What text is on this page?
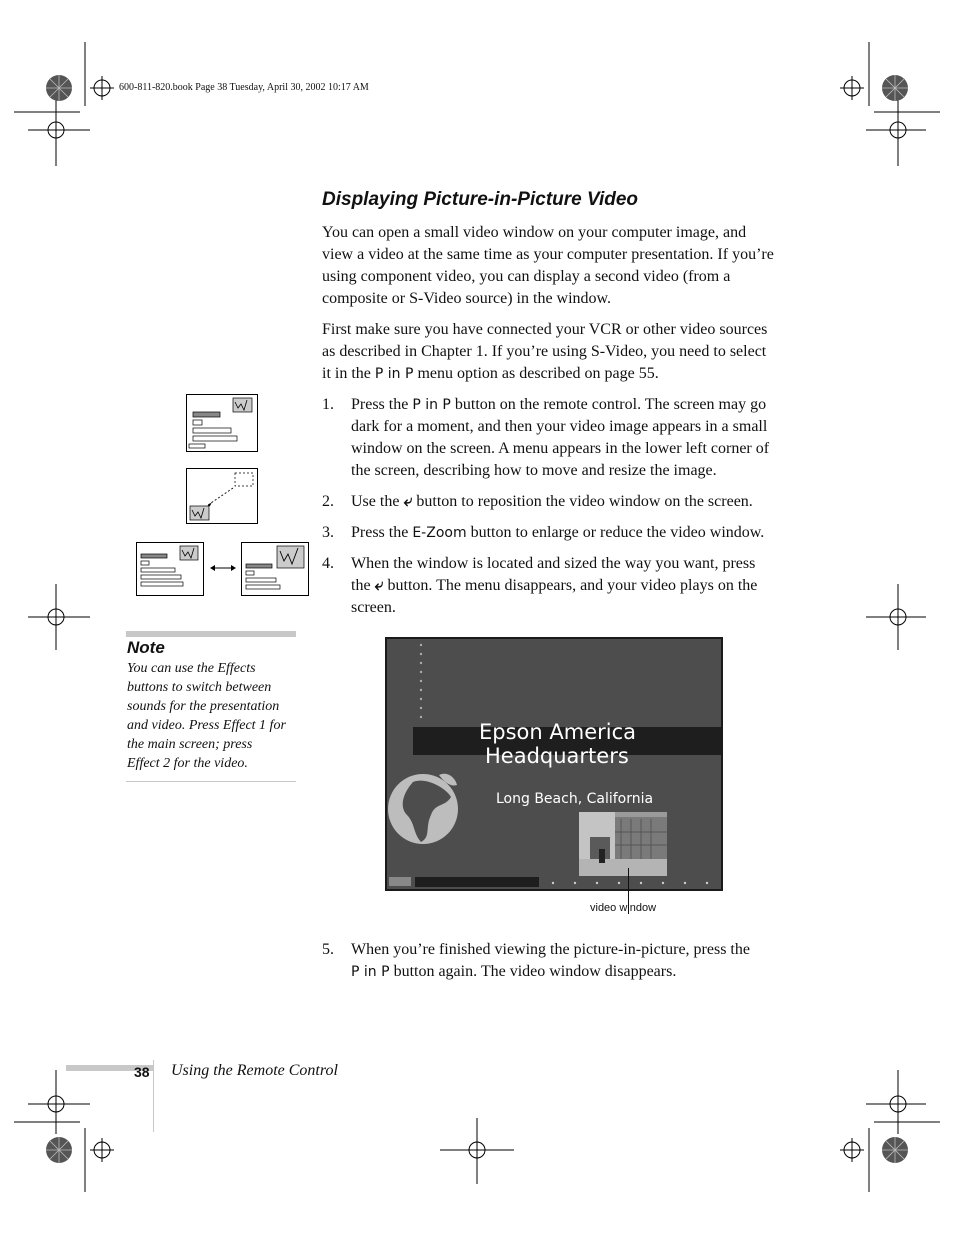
600-811-820.book Page 38 Tuesday, April 30, 2002 10:17 AM
Displaying Picture-in-Picture Video
You can open a small video window on your computer image, and
view a video at the same time as your computer presentation. If you’re
using component video, you can display a second video (from a
composite or S-Video source) in the window.
First make sure you have connected your VCR or other video sources
as described in Chapter 1. If you’re using S-Video, you need to select
it in the P in P menu option as described on page 55.
1.	Press the P in P button on the remote control. The screen may go
dark for a moment, and then your video image appears in a small
window on the screen. A menu appears in the lower left corner of
the screen, describing how to move and resize the image.
2.	Use the ⤶ button to reposition the video window on the screen.
3.	Press the E-Zoom button to enlarge or reduce the video window.
4.	When the window is located and sized the way you want, press
the ⤶ button. The menu disappears, and your video plays on the
screen.
Note
You can use the Effects
buttons to switch between
sounds for the presentation
and video. Press Effect 1 for
the main screen; press
Effect 2 for the video.
Epson America
Headquarters
Long Beach, California
video window
5.	When you’re finished viewing the picture-in-picture, press the
P in P button again. The video window disappears.
38 Using the Remote Control
